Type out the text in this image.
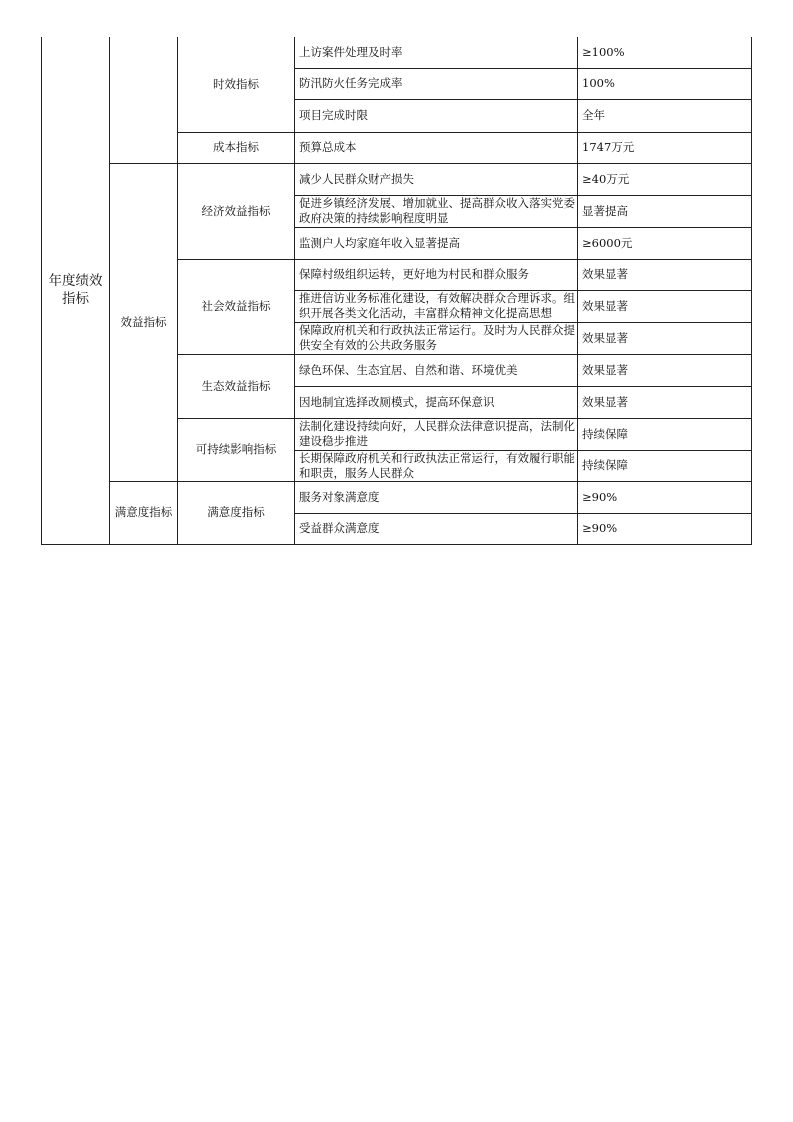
年度绩效指标		时效指标	上访案件处理及时率	≥100%
			防汛防火任务完成率	100%
			项目完成时限	全年
		成本指标	预算总成本	1747万元
	效益指标	经济效益指标	减少人民群众财产损失	≥40万元
			促进乡镇经济发展、增加就业、提高群众收入落实党委政府决策的持续影响程度明显	显著提高
			监测户人均家庭年收入显著提高	≥6000元
		社会效益指标	保障村级组织运转，更好地为村民和群众服务	效果显著
			推进信访业务标准化建设，有效解决群众合理诉求。组织开展各类文化活动，丰富群众精神文化提高思想	效果显著
			保障政府机关和行政执法正常运行。及时为人民群众提供安全有效的公共政务服务	效果显著
		生态效益指标	绿色环保、生态宜居、自然和谐、环境优美	效果显著
			因地制宜选择改厕模式，提高环保意识	效果显著
		可持续影响指标	法制化建设持续向好，人民群众法律意识提高，法制化建设稳步推进	持续保障
			长期保障政府机关和行政执法正常运行，有效履行职能和职责，服务人民群众	持续保障
	满意度指标	满意度指标	服务对象满意度	≥90%
			受益群众满意度	≥90%
